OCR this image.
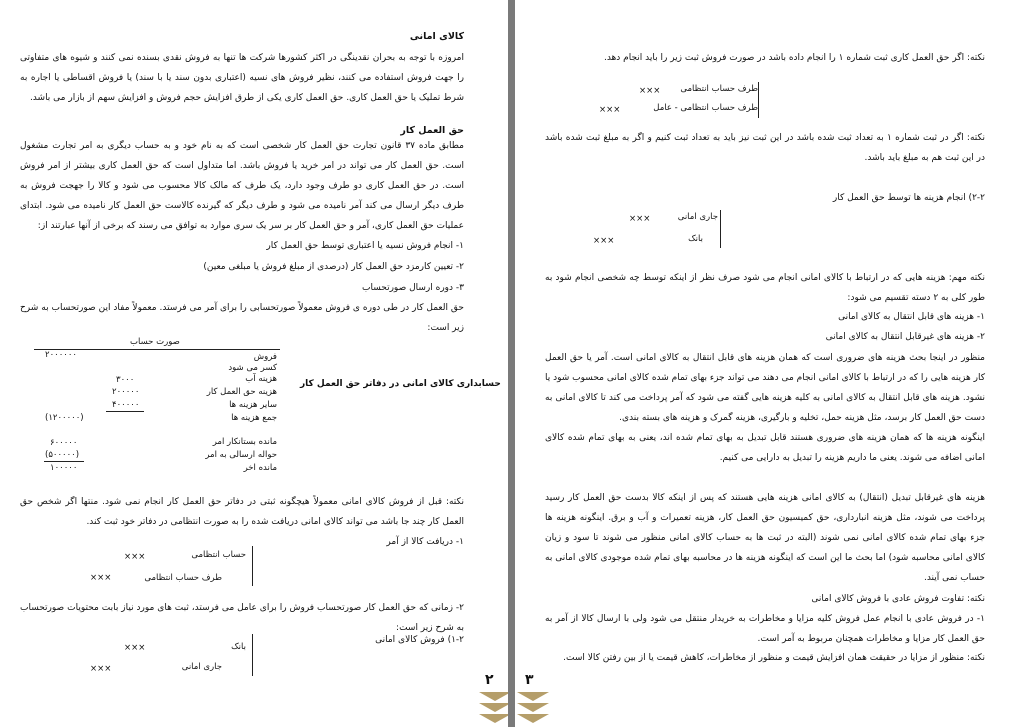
کالای امانی
امروزه با توجه به بحران نقدینگی در اکثر کشورها شرکت ها تنها به فروش نقدی بسنده نمی کنند و شیوه های متفاوتی را جهت فروش استفاده می کنند، نظیر فروش های نسیه (اعتباری بدون سند یا با سند) یا فروش اقساطی یا اجاره به شرط تملیک یا حق العمل کاری. حق العمل کاری یکی از طرق افزایش حجم فروش و افزایش سهم از بازار می باشد.
حق العمل کار
مطابق ماده ۳۷ قانون تجارت حق العمل کار شخصی است که به نام خود و به حساب دیگری به امر تجارت مشغول است. حق العمل کار می تواند در امر خرید یا فروش باشد. اما متداول است که حق العمل کاری بیشتر از امر فروش است. در حق العمل کاری دو طرف وجود دارد، یک طرف که مالک کالا محسوب می شود و کالا را جهجت فروش به طرف دیگر ارسال می کند آمر نامیده می شود و طرف دیگر که گیرنده کالاست حق العمل کار نامیده می شود. ابتدای عملیات حق العمل کاری، آمر و حق العمل کار بر سر یک سری موارد به توافق می رسند که برخی از آنها عبارتند از:
۱- انجام فروش نسیه یا اعتباری توسط حق العمل کار
۲- تعیین کارمزد حق العمل کار (درصدی از مبلغ فروش یا مبلغی معین)
۳- دوره ارسال صورتحساب
حق العمل کار در طی دوره ی فروش معمولاً صورتحسابی را برای آمر می فرستد. معمولاً مفاد این صورتحساب به شرح زیر است:
صورت حساب
حسابداری کالای امانی در دفاتر حق العمل کار
فروش
کسر می شود
هزینه آب
هزینه حق العمل کار
سایر هزینه ها
جمع هزینه ها
مانده بستانکار امر
حواله ارسالی به امر
مانده اخر
۲۰۰۰۰۰۰
۳۰۰۰
۲۰۰۰۰۰
۴۰۰۰۰۰
(۱۲۰۰۰۰۰)
۶۰۰۰۰۰
(۵۰۰۰۰۰)
۱۰۰۰۰۰
نکته: قبل از فروش کالای امانی معمولاً هیچگونه ثبتی در دفاتر حق العمل کار انجام نمی شود. منتها اگر شخص حق العمل کار چند جا باشد می تواند کالای امانی دریافت شده را به صورت انتظامی در دفاتر خود ثبت کند.
۱- دریافت کالا از آمر
حساب انتظامی
×××
طرف حساب انتظامی
×××
۲- زمانی که حق العمل کار صورتحساب فروش را برای عامل می فرستد، ثبت های مورد نیاز بابت محتویات صورتحساب به شرح زیر است:
۱-۲) فروش کالای امانی
بانک
×××
جاری امانی
×××
۲
نکته: اگر حق العمل کاری ثبت شماره ۱ را انجام داده باشد در صورت فروش ثبت زیر را باید انجام دهد.
طرف حساب انتظامی
×××
طرف حساب انتظامی - عامل
×××
نکته: اگر در ثبت شماره ۱ به تعداد ثبت شده باشد در این ثبت نیز باید به تعداد ثبت کنیم و اگر به مبلغ ثبت شده باشد در این ثبت هم به مبلغ باید باشد.
۲-۲) انجام هزینه ها توسط حق العمل کار
جاری امانی
×××
بانک
×××
نکته مهم: هزینه هایی که در ارتباط با کالای امانی انجام می شود صرف نظر از اینکه توسط چه شخصی انجام شود به طور کلی به ۲ دسته تقسیم می شود:
۱- هزینه های قابل انتقال به کالای امانی
۲- هزینه های غیرقابل انتقال به کالای امانی
منظور در اینجا بحث هزینه های ضروری است که همان هزینه های قابل انتقال به کالای امانی است. آمر یا حق العمل کار هزینه هایی را که در ارتباط با کالای امانی انجام می دهند می تواند جزء بهای تمام شده کالای امانی محسوب شود یا نشود. هزینه های قابل انتقال به کالای امانی به کلیه هزینه هایی گفته می شود که آمر پرداخت می کند تا کالای امانی به دست حق العمل کار برسد، مثل هزینه حمل، تخلیه و بارگیری، هزینه گمرک و هزینه های بسته بندی.
اینگونه هزینه ها که همان هزینه های ضروری هستند قابل تبدیل به بهای تمام شده اند، یعنی به بهای تمام شده کالای امانی اضافه می شوند. یعنی ما داریم هزینه را تبدیل به دارایی می کنیم.
هزینه های غیرقابل تبدیل (انتقال) به کالای امانی هزینه هایی هستند که پس از اینکه کالا بدست حق العمل کار رسید پرداخت می شوند، مثل هزینه انبارداری، حق کمیسیون حق العمل کار، هزینه تعمیرات و آب و برق. اینگونه هزینه ها جزء بهای تمام شده کالای امانی نمی شوند (البته در ثبت ها به حساب کالای امانی منظور می شوند تا سود و زیان کالای امانی محاسبه شود) اما بحث ما این است که اینگونه هزینه ها در محاسبه بهای تمام شده موجودی کالای امانی به حساب نمی آیند.
نکته: تفاوت فروش عادی با فروش کالای امانی
۱- در فروش عادی با انجام عمل فروش کلیه مزایا و مخاطرات به خریدار منتقل می شود ولی با ارسال کالا از آمر به حق العمل کار مزایا و مخاطرات همچنان مربوط به آمر است.
نکته: منظور از مزایا در حقیقت همان افزایش قیمت و منظور از مخاطرات، کاهش قیمت یا از بین رفتن کالا است.
۳
